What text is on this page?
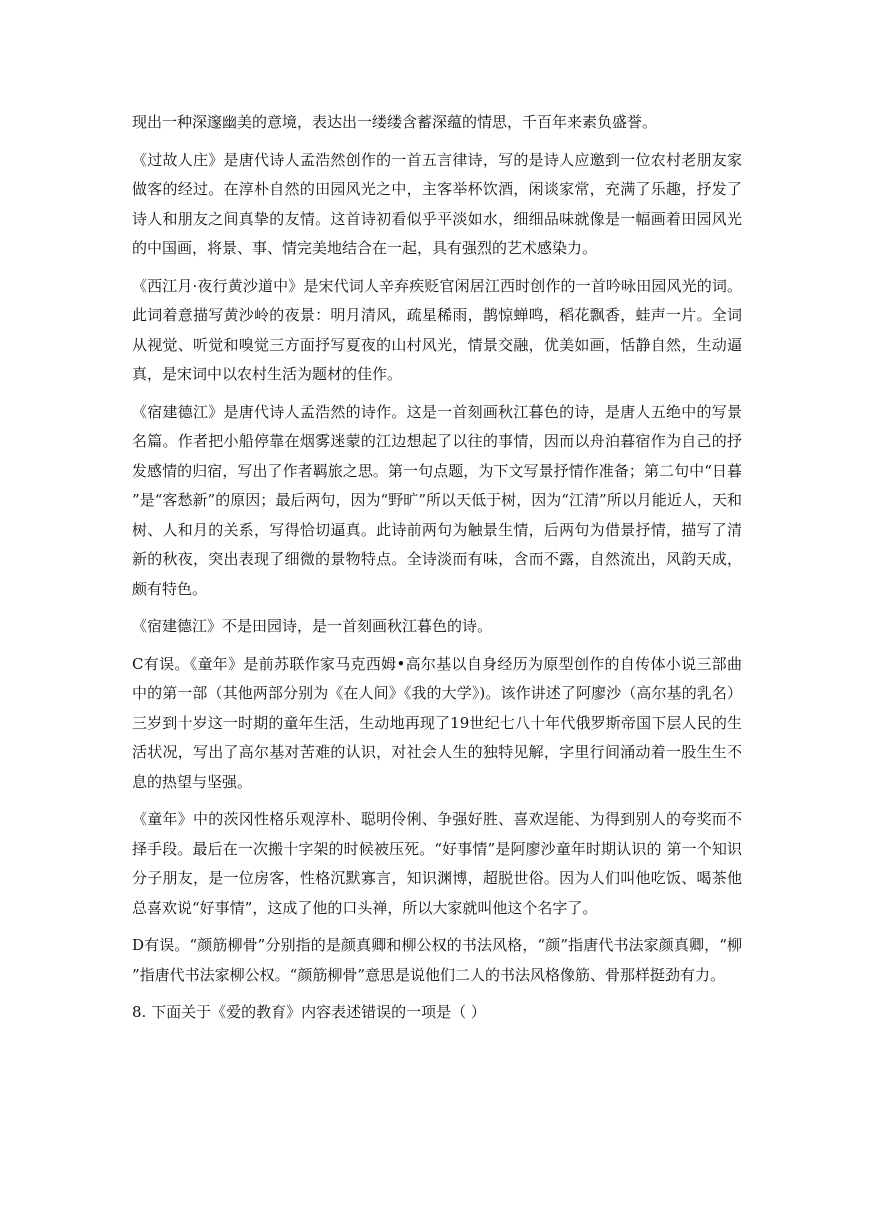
现出一种深邃幽美的意境，表达出一缕缕含蓄深蕴的情思，千百年来素负盛誉。

《过故人庄》是唐代诗人孟浩然创作的一首五言律诗，写的是诗人应邀到一位农村老朋友家做客的经过。在淳朴自然的田园风光之中，主客举杯饮酒，闲谈家常，充满了乐趣，抒发了诗人和朋友之间真挚的友情。这首诗初看似乎平淡如水，细细品味就像是一幅画着田园风光的中国画，将景、事、情完美地结合在一起，具有强烈的艺术感染力。

《西江月·夜行黄沙道中》是宋代词人辛弃疾贬官闲居江西时创作的一首吟咏田园风光的词。此词着意描写黄沙岭的夜景：明月清风，疏星稀雨，鹊惊蝉鸣，稻花飘香，蛙声一片。全词从视觉、听觉和嗅觉三方面抒写夏夜的山村风光，情景交融，优美如画，恬静自然，生动逼真，是宋词中以农村生活为题材的佳作。

《宿建德江》是唐代诗人孟浩然的诗作。这是一首刻画秋江暮色的诗，是唐人五绝中的写景名篇。作者把小船停靠在烟雾迷蒙的江边想起了以往的事情，因而以舟泊暮宿作为自己的抒发感情的归宿，写出了作者羁旅之思。第一句点题，为下文写景抒情作准备；第二句中“日暮”是“客愁新”的原因；最后两句，因为“野旷”所以天低于树，因为“江清”所以月能近人，天和树、人和月的关系，写得恰切逼真。此诗前两句为触景生情，后两句为借景抒情，描写了清新的秋夜，突出表现了细微的景物特点。全诗淡而有味，含而不露，自然流出，风韵天成，颇有特色。

《宿建德江》不是田园诗，是一首刻画秋江暮色的诗。

C有误。《童年》是前苏联作家马克西姆•高尔基以自身经历为原型创作的自传体小说三部曲中的第一部（其他两部分别为《在人间》《我的大学》)。该作讲述了阿廖沙（高尔基的乳名）三岁到十岁这一时期的童年生活，生动地再现了19世纪七八十年代俄罗斯帝国下层人民的生活状况，写出了高尔基对苦难的认识，对社会人生的独特见解，字里行间涌动着一股生生不息的热望与坚强。

《童年》中的茨冈性格乐观淳朴、聪明伶俐、争强好胜、喜欢逞能、为得到别人的夸奖而不择手段。最后在一次搬十字架的时候被压死。“好事情”是阿廖沙童年时期认识的 第一个知识分子朋友，是一位房客，性格沉默寡言，知识渊博，超脱世俗。因为人们叫他吃饭、喝茶他总喜欢说“好事情”，这成了他的口头禅，所以大家就叫他这个名字了。

D有误。“颜筋柳骨”分别指的是颜真卿和柳公权的书法风格，“颜”指唐代书法家颜真卿，“柳”指唐代书法家柳公权。“颜筋柳骨”意思是说他们二人的书法风格像筋、骨那样挺劲有力。

8. 下面关于《爱的教育》内容表述错误的一项是（ ）
